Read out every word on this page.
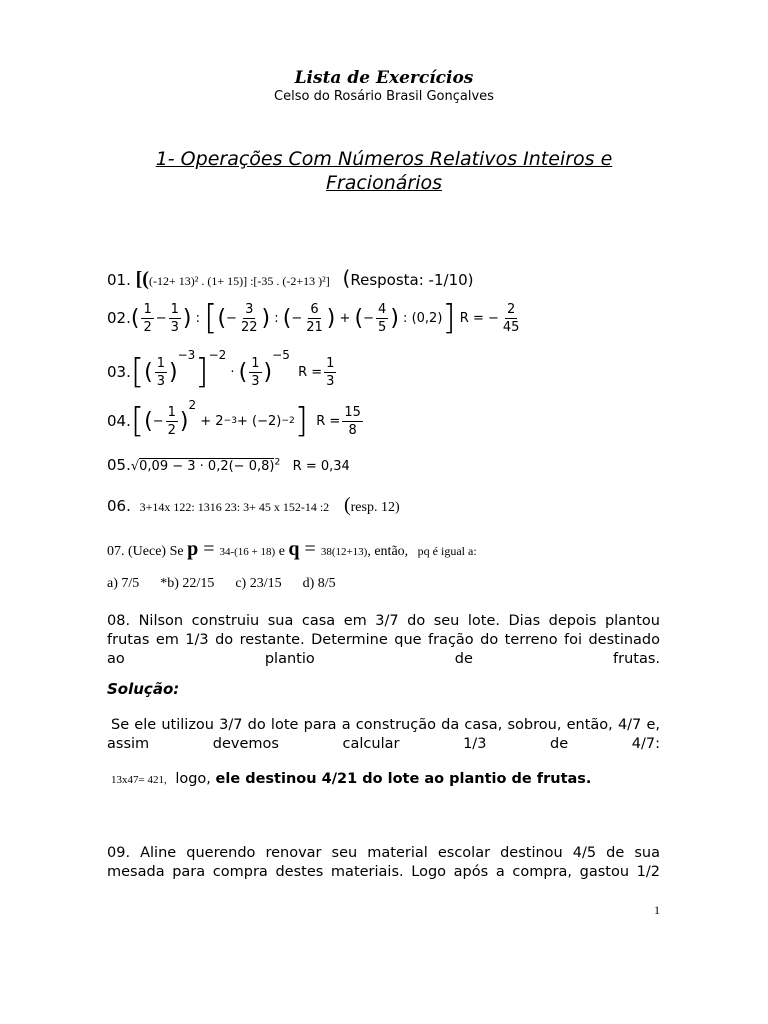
Lista de Exercícios
Celso do Rosário Brasil Gonçalves
1- Operações Com Números Relativos Inteiros e
Fracionários
01. [((-12+ 13)² . (1+ 15)] :[-35 . (-2+13 )²] (Resposta: -1/10)
02. ( $\frac{1}{2} - \frac{1}{3}$ ) : [ ( − $\frac{3}{22}$ ) : ( − $\frac{6}{21}$ ) + ( − $\frac{4}{5}$ ) : (0,2) ]
R = − $\frac{2}{45}$
03. [ ( $\frac{1}{3}$ )
−3 ] −2
· ( $\frac{1}{3}$ )
−5

$R = \frac{1}{3}$
04. [ ( − $\frac{1}{2}$ )
2
+ 2 −3 + (−2) −2 ]
$R = \frac{15}{8}$
$05.√0,09 - 3 \cdot 0,2(- 0,8)^2$ R = 0,34
06. 3+14x 122: 1316 23: 3+ 45 x 152-14 :2 (resp. 12)
07. (Uece) Se p = 34-(16 + 18) e q = 38(12+13), então, pq é igual a:
a) 7/5      *b) 22/15      c) 23/15      d) 8/5
08. Nilson construiu sua casa em 3/7 do seu lote. Dias depois plantou frutas em 1/3 do restante. Determine que fração do terreno foi destinado ao plantio de frutas.
Solução:
Se ele utilizou 3/7 do lote para a construção da casa, sobrou, então, 4/7 e, assim devemos calcular 1/3 de 4/7:
13x47= 421, logo, ele destinou 4/21 do lote ao plantio de frutas.
09. Aline querendo renovar seu material escolar destinou 4/5 de sua mesada para compra destes materiais. Logo após a compra, gastou 1/2
1
